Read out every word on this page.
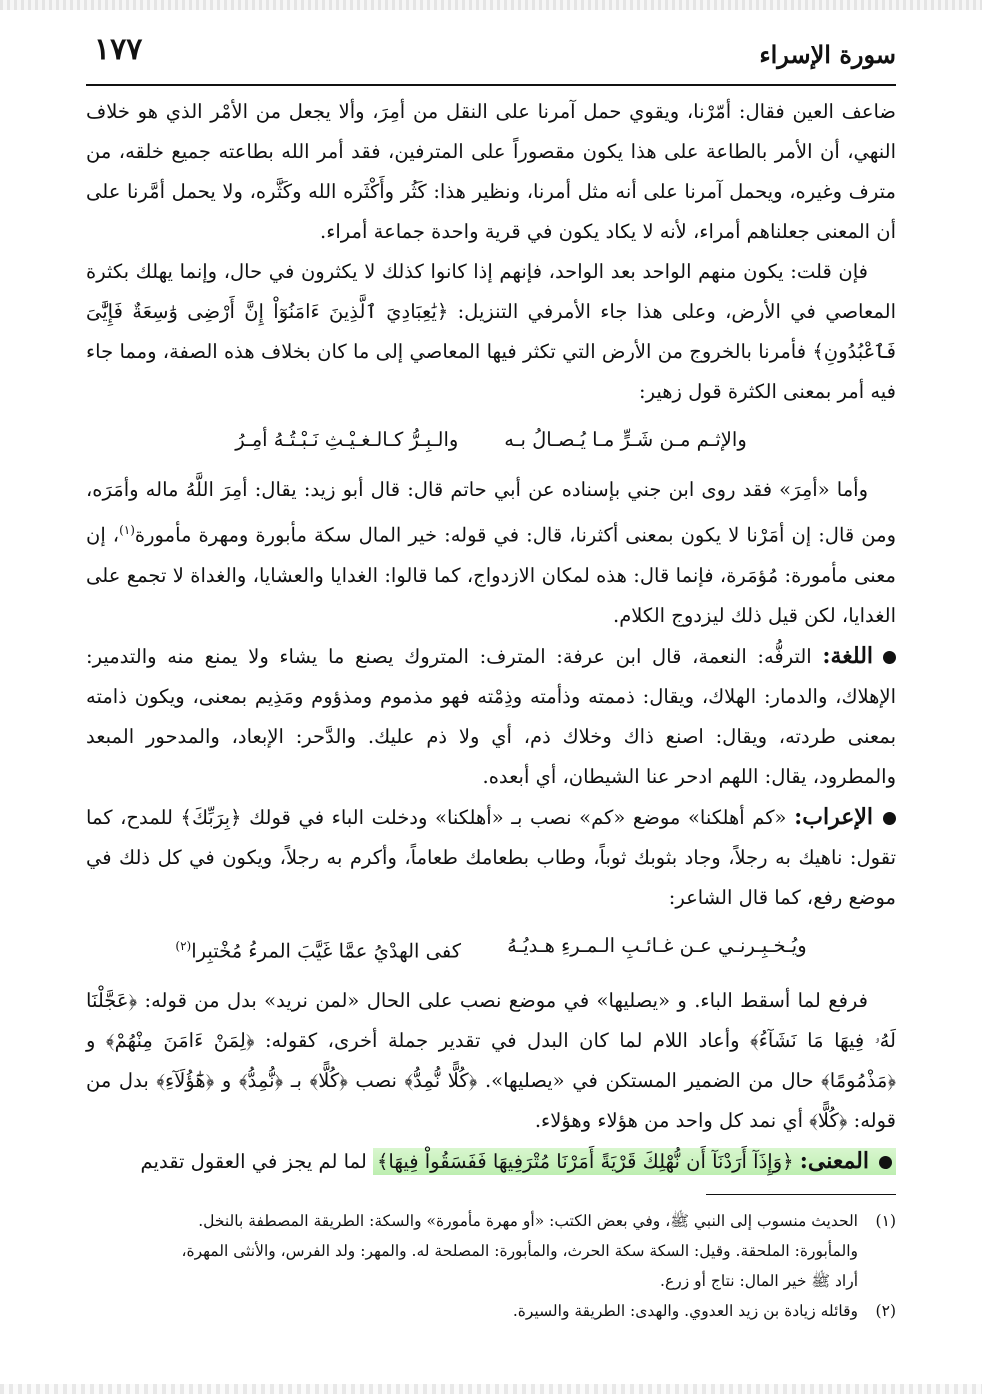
سورة الإسراء
١٧٧

ضاعف العين فقال: أمّرْنا، ويقوي حمل آمرنا على النقل من أمِرَ، وألا يجعل من الأمْر الذي هو خلاف النهي، أن الأمر بالطاعة على هذا يكون مقصوراً على المترفين، فقد أمر الله بطاعته جميع خلقه، من مترف وغيره، ويحمل آمرنا على أنه مثل أمرنا، ونظير هذا: كَثُر وأَكْثَره الله وكَثَّره، ولا يحمل أمَّرنا على أن المعنى جعلناهم أمراء، لأنه لا يكاد يكون في قرية واحدة جماعة أمراء.

فإن قلت: يكون منهم الواحد بعد الواحد، فإنهم إذا كانوا كذلك لا يكثرون في حال، وإنما يهلك بكثرة المعاصي في الأرض، وعلى هذا جاء الأمرفي التنزيل: ﴿يَٰعِبَادِيَ ٱلَّذِينَ ءَامَنُوٓاْ إِنَّ أَرْضِى وَٰسِعَةٌ فَإِيَّٰىَ فَٱعْبُدُونِ﴾ فأمرنا بالخروج من الأرض التي تكثر فيها المعاصي إلى ما كان بخلاف هذه الصفة، ومما جاء فيه أمر بمعنى الكثرة قول زهير:

والإثـم مـن شَـرٍّ مـا يُـصـالُ بـه
والـبِـرُّ كـالـغـيْـثِ نَـبْـتُـهُ أمِـرُ

وأما «أمِرَ» فقد روى ابن جني بإسناده عن أبي حاتم قال: قال أبو زيد: يقال: أمِرَ اللَّهُ ماله وأمَرَه، ومن قال: إن أمَرْنا لا يكون بمعنى أكثرنا، قال: في قوله: خير المال سكة مأبورة ومهرة مأمورة$^{(١)}$، إن معنى مأمورة: مُؤمَرة، فإنما قال: هذه لمكان الازدواج، كما قالوا: الغدايا والعشايا، والغداة لا تجمع على الغدايا، لكن قيل ذلك ليزدوج الكلام.

اللغة: الترفُّه: النعمة، قال ابن عرفة: المترف: المتروك يصنع ما يشاء ولا يمنع منه والتدمير: الإهلاك، والدمار: الهلاك، ويقال: ذممته وذأمته وذِمْته فهو مذموم ومذؤوم ومَذِيم بمعنى، ويكون ذامته بمعنى طردته، ويقال: اصنع ذاك وخلاك ذم، أي ولا ذم عليك. والدَّحر: الإبعاد، والمدحور المبعد والمطرود، يقال: اللهم ادحر عنا الشيطان، أي أبعده.

الإعراب: «كم أهلكنا» موضع «كم» نصب بـ «أهلكنا» ودخلت الباء في قولك ﴿بِرَبِّكَ﴾ للمدح، كما تقول: ناهيك به رجلاً، وجاد بثوبك ثوباً، وطاب بطعامك طعاماً، وأكرم به رجلاً، ويكون في كل ذلك في موضع رفع، كما قال الشاعر:

ويُـخـبِـرنـي عـن غـائـبِ الـمـرءِ هـديُـهُ
كفى الهدْيُ عمَّا غَيَّبَ المرءُ مُخْتبِرا$^{(٢)}$

فرفع لما أسقط الباء. و «يصليها» في موضع نصب على الحال «لمن نريد» بدل من قوله: ﴿عَجَّلْنَا لَهُۥ فِيهَا مَا نَشَآءُ﴾ وأعاد اللام لما كان البدل في تقدير جملة أخرى، كقوله: ﴿لِمَنْ ءَامَنَ مِنْهُمْ﴾ و ﴿مَذْمُومًا﴾ حال من الضمير المستكن في «يصليها». ﴿كُلًّا نُّمِدُّ﴾ نصب ﴿كُلًّا﴾ بـ ﴿نُّمِدُّ﴾ و ﴿هَٰٓؤُلَآءِ﴾ بدل من قوله: ﴿كُلًّا﴾ أي نمد كل واحد من هؤلاء وهؤلاء.

المعنى: ﴿وَإِذَآ أَرَدْنَآ أَن نُّهْلِكَ قَرْيَةً أَمَرْنَا مُتْرَفِيهَا فَفَسَقُواْ فِيهَا﴾ لما لم يجز في العقول تقديم

(١)
الحديث منسوب إلى النبي ﷺ، وفي بعض الكتب: «أو مهرة مأمورة» والسكة: الطريقة المصطفة بالنخل.
والمأبورة: الملحقة. وقيل: السكة سكة الحرث، والمأبورة: المصلحة له. والمهر: ولد الفرس، والأنثى المهرة،
أراد ﷺ خير المال: نتاج أو زرع.
(٢)
وقائله زيادة بن زيد العدوي. والهدى: الطريقة والسيرة.
